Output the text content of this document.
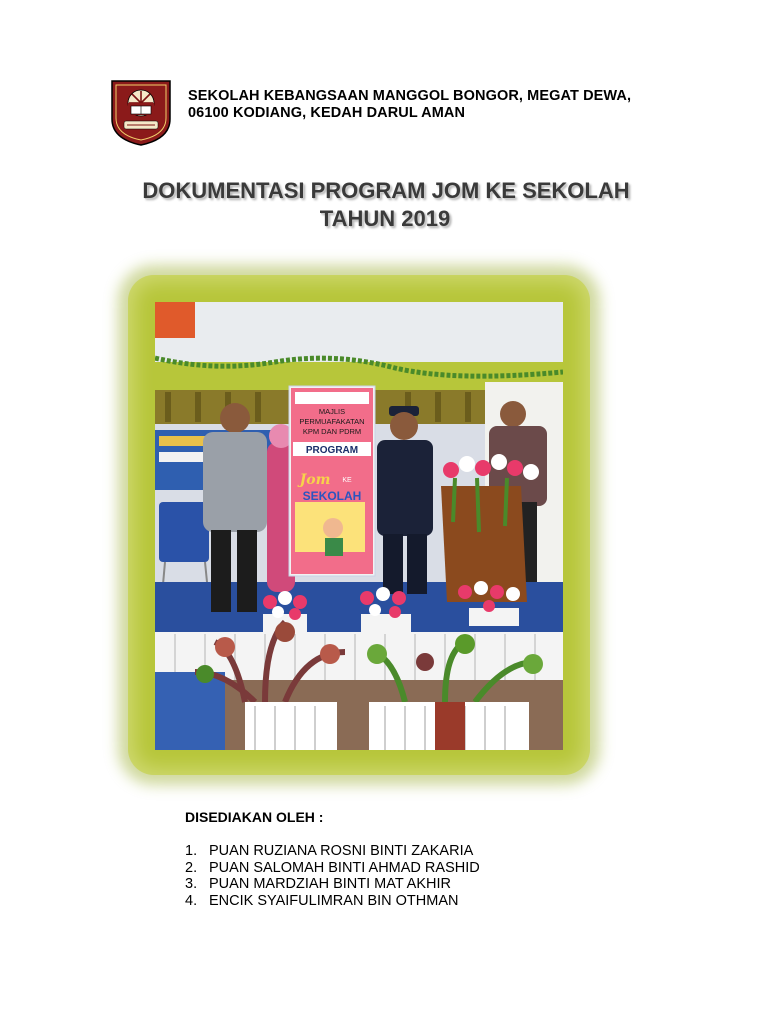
SEKOLAH KEBANGSAAN MANGGOL BONGOR, MEGAT DEWA,
06100 KODIANG, KEDAH DARUL AMAN
DOKUMENTASI PROGRAM JOM KE SEKOLAH
TAHUN 2019
MAJLIS
PERMUAFAKATAN
KPM DAN PDRM
PROGRAM
Jom KE
SEKOLAH
DISEDIAKAN OLEH :
1. PUAN RUZIANA ROSNI BINTI ZAKARIA
2. PUAN SALOMAH BINTI AHMAD RASHID
3. PUAN MARDZIAH BINTI MAT AKHIR
4. ENCIK SYAIFULIMRAN BIN OTHMAN
